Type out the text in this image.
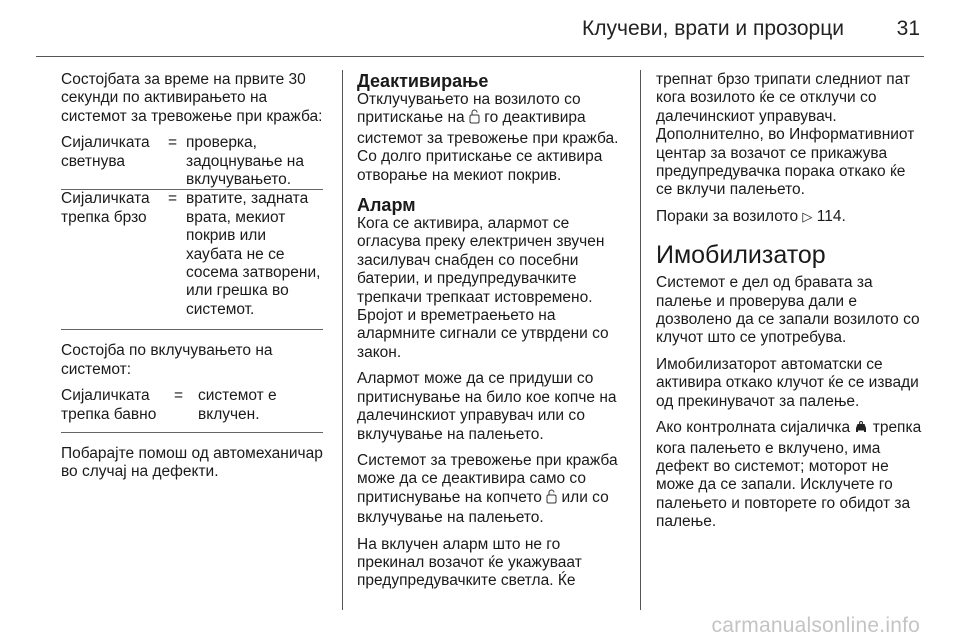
Клучеви, врати и прозорци	31

Состојбата за време на првите 30 секунди по активирањето на системот за тревожење при кражба:

Сијаличката светнува	=	проверка, задоцнување на вклучувањето.
Сијаличката трепка брзо	=	вратите, задната врата, мекиот покрив или хаубата не се сосема затворени, или грешка во системот.

Состојба по вклучувањето на системот:

Сијаличката трепка бавно	=	системот е вклучен.

Побарајте помош од автомеханичар во случај на дефекти.

Деактивирање

Отклучувањето на возилото со притискање на го деактивира системот за тревожење при кражба. Со долго притискање се активира отворање на мекиот покрив.

Аларм

Кога се активира, алармот се огласува преку електричен звучен засилувач снабден со посебни батерии, и предупредувачките трепкачи трепкаат истовремено. Бројот и времетраењето на алармните сигнали се утврдени со закон.

Алармот може да се придуши со притиснување на било кое копче на далечинскиот управувач или со вклучување на палењето.

Системот за тревожење при кражба може да се деактивира само со притиснување на копчето или со вклучување на палењето.

На вклучен аларм што не го прекинал возачот ќе укажуваат предупредувачките светла. Ќе

трепнат брзо трипати следниот пат кога возилото ќе се отклучи со далечинскиот управувач. Дополнително, во Информативниот центар за возачот се прикажува предупредувачка порака откако ќе се вклучи палењето.

Пораки за возилото ▷ 114.

Имобилизатор

Системот е дел од бравата за палење и проверува дали е дозволено да се запали возилото со клучот што се употребува.

Имобилизаторот автоматски се активира откако клучот ќе се извади од прекинувачот за палење.

Ако контролната сијаличка трепка кога палењето е вклучено, има дефект во системот; моторот не може да се запали. Исклучете го палењето и повторете го обидот за палење.

carmanualsonline.info
